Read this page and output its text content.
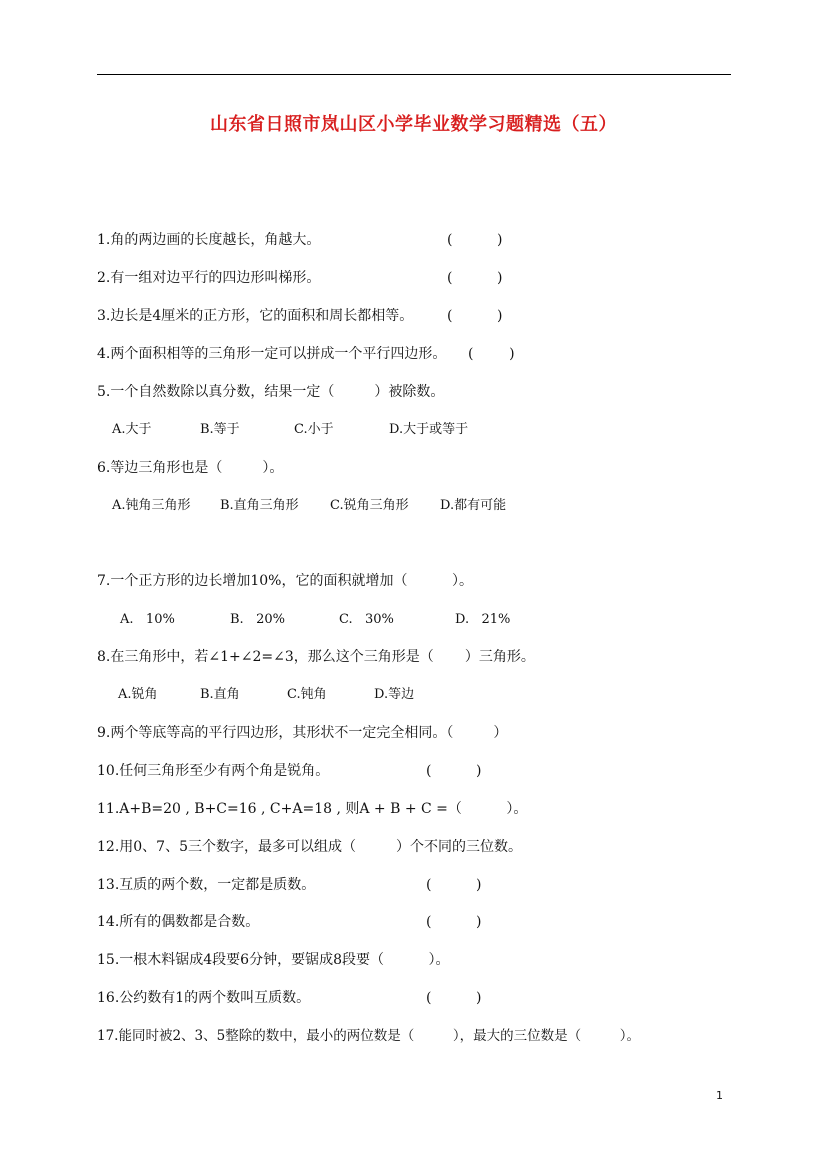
山东省日照市岚山区小学毕业数学习题精选（五）
1.角的两边画的长度越长，角越大。	(          )
2.有一组对边平行的四边形叫梯形。	(          )
3.边长是4厘米的正方形，它的面积和周长都相等。 (          )
4.两个面积相等的三角形一定可以拼成一个平行四边形。 (        )
5.一个自然数除以真分数，结果一定（         ）被除数。
A.大于	B.等于	C.小于	D.大于或等于
6.等边三角形也是（         ）。
A.钝角三角形 B.直角三角形 C.锐角三角形 D.都有可能
7.一个正方形的边长增加10%，它的面积就增加（          ）。
A.   10%	B.   20%	C.   30%	D.   21%
8.在三角形中，若∠1+∠2=∠3，那么这个三角形是（       ）三角形。
A.锐角	B.直角	C.钝角	D.等边
9.两个等底等高的平行四边形，其形状不一定完全相同。（         ）
10.任何三角形至少有两个角是锐角。	(          )
11.A+B=20 , B+C=16 , C+A=18 , 则A + B + C =（          ）。
12.用0、7、5三个数字，最多可以组成（         ）个不同的三位数。
13.互质的两个数，一定都是质数。	(          )
14.所有的偶数都是合数。	(          )
15.一根木料锯成4段要6分钟，要锯成8段要（          ）。
16.公约数有1的两个数叫互质数。	(          )
17.能同时被2、3、5整除的数中，最小的两位数是（         ），最大的三位数是（         ）。
1
